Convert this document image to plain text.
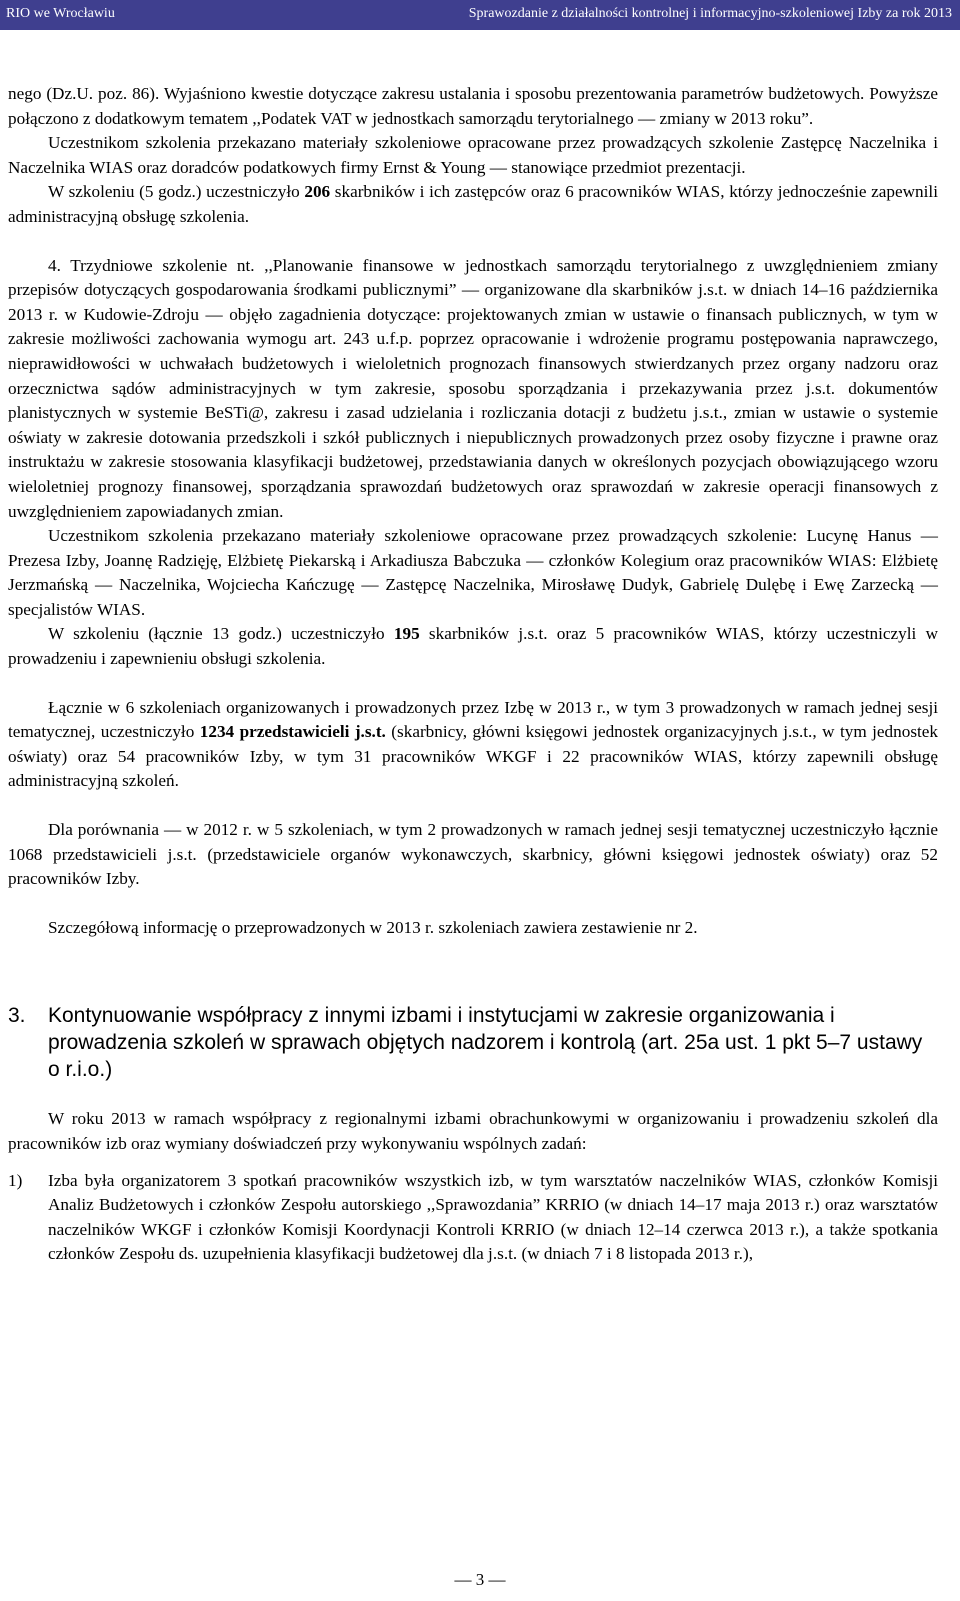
RIO we Wrocławiu	Sprawozdanie z działalności kontrolnej i informacyjno-szkoleniowej Izby za rok 2013

nego (Dz.U. poz. 86). Wyjaśniono kwestie dotyczące zakresu ustalania i sposobu prezentowania parametrów budżetowych. Powyższe połączono z dodatkowym tematem ,,Podatek VAT w jednostkach samorządu terytorialnego — zmiany w 2013 roku”.

Uczestnikom szkolenia przekazano materiały szkoleniowe opracowane przez prowadzących szkolenie Zastępcę Naczelnika i Naczelnika WIAS oraz doradców podatkowych firmy Ernst & Young — stanowiące przedmiot prezentacji.

W szkoleniu (5 godz.) uczestniczyło 206 skarbników i ich zastępców oraz 6 pracowników WIAS, którzy jednocześnie zapewnili administracyjną obsługę szkolenia.

4. Trzydniowe szkolenie nt. ,,Planowanie finansowe w jednostkach samorządu terytorialnego z uwzględnieniem zmiany przepisów dotyczących gospodarowania środkami publicznymi” — organizowane dla skarbników j.s.t. w dniach 14–16 października 2013 r. w Kudowie-Zdroju — objęło zagadnienia dotyczące: projektowanych zmian w ustawie o finansach publicznych, w tym w zakresie możliwości zachowania wymogu art. 243 u.f.p. poprzez opracowanie i wdrożenie programu postępowania naprawczego, nieprawidłowości w uchwałach budżetowych i wieloletnich prognozach finansowych stwierdzanych przez organy nadzoru oraz orzecznictwa sądów administracyjnych w tym zakresie, sposobu sporządzania i przekazywania przez j.s.t. dokumentów planistycznych w systemie BeSTi@, zakresu i zasad udzielania i rozliczania dotacji z budżetu j.s.t., zmian w ustawie o systemie oświaty w zakresie dotowania przedszkoli i szkół publicznych i niepublicznych prowadzonych przez osoby fizyczne i prawne oraz instruktażu w zakresie stosowania klasyfikacji budżetowej, przedstawiania danych w określonych pozycjach obowiązującego wzoru wieloletniej prognozy finansowej, sporządzania sprawozdań budżetowych oraz sprawozdań w zakresie operacji finansowych z uwzględnieniem zapowiadanych zmian.

Uczestnikom szkolenia przekazano materiały szkoleniowe opracowane przez prowadzących szkolenie: Lucynę Hanus — Prezesa Izby, Joannę Radzięję, Elżbietę Piekarską i Arkadiusza Babczuka — członków Kolegium oraz pracowników WIAS: Elżbietę Jerzmańską — Naczelnika, Wojciecha Kańczugę — Zastępcę Naczelnika, Mirosławę Dudyk, Gabrielę Dulębę i Ewę Zarzecką — specjalistów WIAS.

W szkoleniu (łącznie 13 godz.) uczestniczyło 195 skarbników j.s.t. oraz 5 pracowników WIAS, którzy uczestniczyli w prowadzeniu i zapewnieniu obsługi szkolenia.

Łącznie w 6 szkoleniach organizowanych i prowadzonych przez Izbę w 2013 r., w tym 3 prowadzonych w ramach jednej sesji tematycznej, uczestniczyło 1234 przedstawicieli j.s.t. (skarbnicy, główni księgowi jednostek organizacyjnych j.s.t., w tym jednostek oświaty) oraz 54 pracowników Izby, w tym 31 pracowników WKGF i 22 pracowników WIAS, którzy zapewnili obsługę administracyjną szkoleń.

Dla porównania — w 2012 r. w 5 szkoleniach, w tym 2 prowadzonych w ramach jednej sesji tematycznej uczestniczyło łącznie 1068 przedstawicieli j.s.t. (przedstawiciele organów wykonawczych, skarbnicy, główni księgowi jednostek oświaty) oraz 52 pracowników Izby.

Szczegółową informację o przeprowadzonych w 2013 r. szkoleniach zawiera zestawienie nr 2.

3. Kontynuowanie współpracy z innymi izbami i instytucjami w zakresie organizowania i prowadzenia szkoleń w sprawach objętych nadzorem i kontrolą (art. 25a ust. 1 pkt 5–7 ustawy o r.i.o.)

W roku 2013 w ramach współpracy z regionalnymi izbami obrachunkowymi w organizowaniu i prowadzeniu szkoleń dla pracowników izb oraz wymiany doświadczeń przy wykonywaniu wspólnych zadań:

1) Izba była organizatorem 3 spotkań pracowników wszystkich izb, w tym warsztatów naczelników WIAS, członków Komisji Analiz Budżetowych i członków Zespołu autorskiego ,,Sprawozdania” KRRIO (w dniach 14–17 maja 2013 r.) oraz warsztatów naczelników WKGF i członków Komisji Koordynacji Kontroli KRRIO (w dniach 12–14 czerwca 2013 r.), a także spotkania członków Zespołu ds. uzupełnienia klasyfikacji budżetowej dla j.s.t. (w dniach 7 i 8 listopada 2013 r.),
— 3 —
